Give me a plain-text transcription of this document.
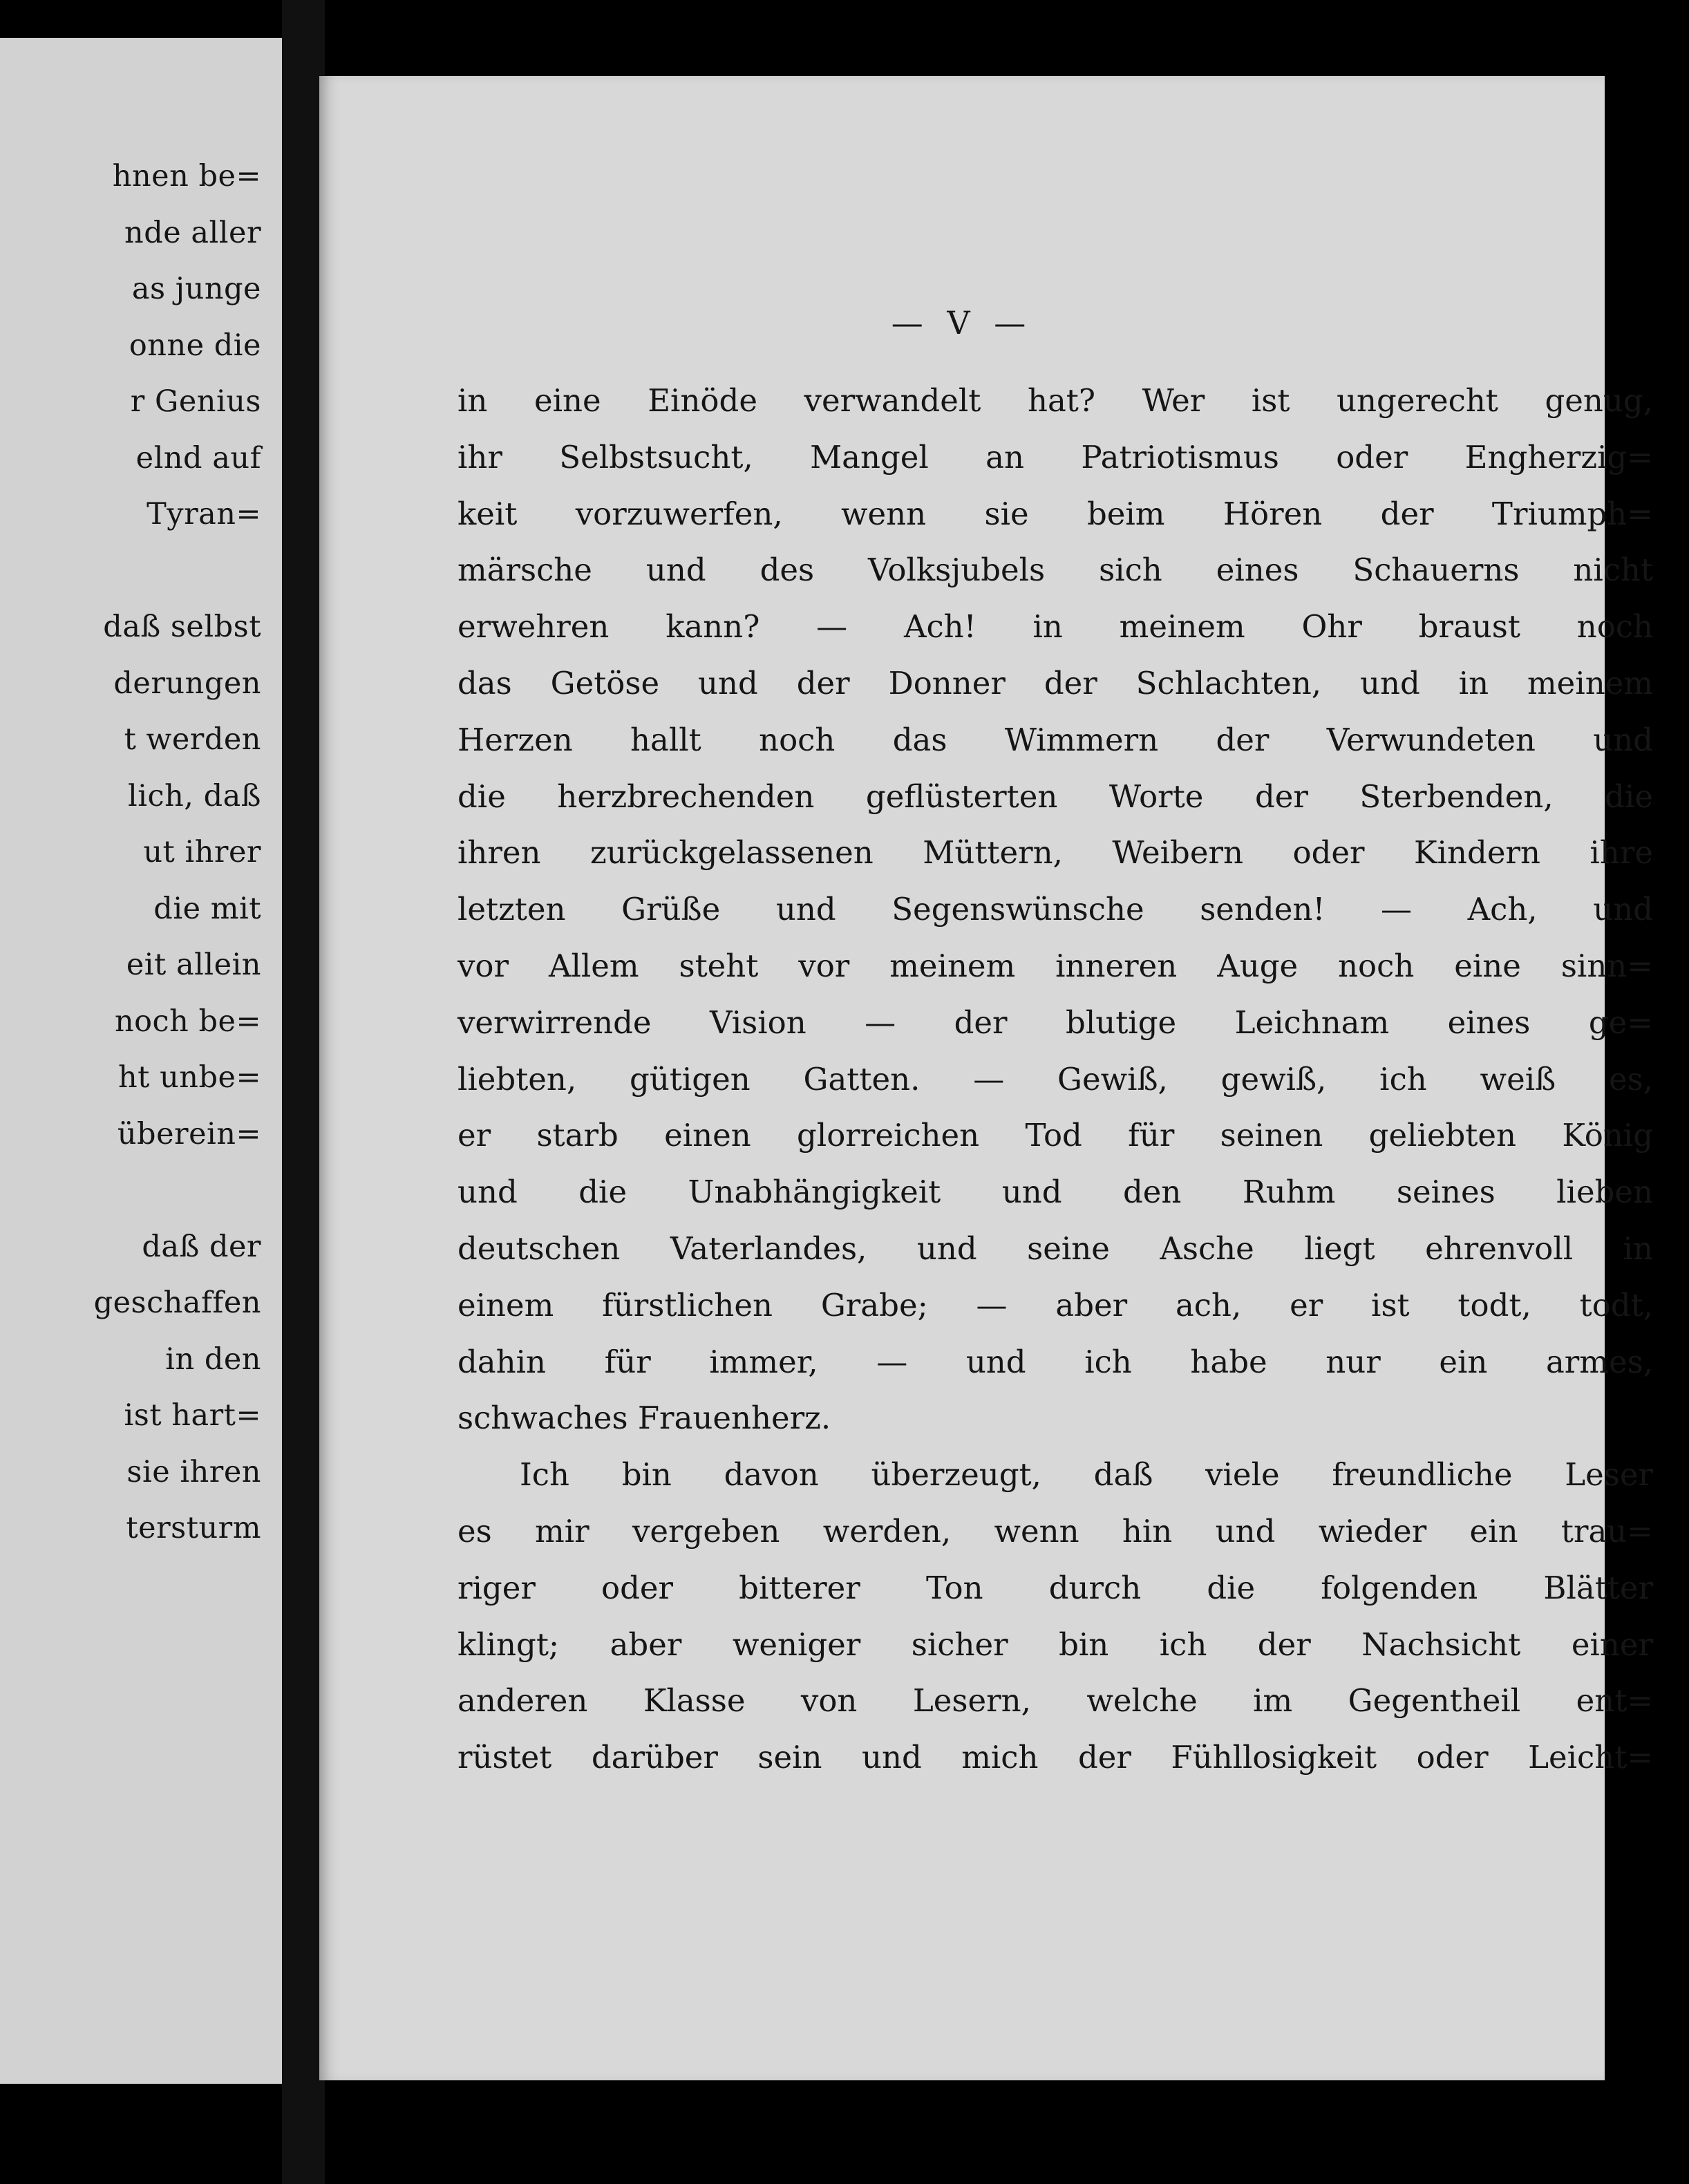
hnen be=
nde aller
as junge
onne die
r Genius
elnd auf
Tyran=
daß selbst
derungen
t werden
lich, daß
ut ihrer
die mit
eit allein
noch be=
ht unbe=
überein=
daß der
geschaffen
in den
ist hart=
sie ihren
tersturm
— V —
in eine Einöde verwandelt hat? Wer ist ungerecht genug,
ihr Selbstsucht, Mangel an Patriotismus oder Engherzig=
keit vorzuwerfen, wenn sie beim Hören der Triumph=
märsche und des Volksjubels sich eines Schauerns nicht
erwehren kann? — Ach! in meinem Ohr braust noch
das Getöse und der Donner der Schlachten, und in meinem
Herzen hallt noch das Wimmern der Verwundeten und
die herzbrechenden geflüsterten Worte der Sterbenden, die
ihren zurückgelassenen Müttern, Weibern oder Kindern ihre
letzten Grüße und Segenswünsche senden! — Ach, und
vor Allem steht vor meinem inneren Auge noch eine sinn=
verwirrende Vision — der blutige Leichnam eines ge=
liebten, gütigen Gatten. — Gewiß, gewiß, ich weiß es,
er starb einen glorreichen Tod für seinen geliebten König
und die Unabhängigkeit und den Ruhm seines lieben
deutschen Vaterlandes, und seine Asche liegt ehrenvoll in
einem fürstlichen Grabe; — aber ach, er ist todt, todt,
dahin für immer, — und ich habe nur ein armes,
schwaches Frauenherz.
Ich bin davon überzeugt, daß viele freundliche Leser
es mir vergeben werden, wenn hin und wieder ein trau=
riger oder bitterer Ton durch die folgenden Blätter
klingt; aber weniger sicher bin ich der Nachsicht einer
anderen Klasse von Lesern, welche im Gegentheil ent=
rüstet darüber sein und mich der Fühllosigkeit oder Leicht=
